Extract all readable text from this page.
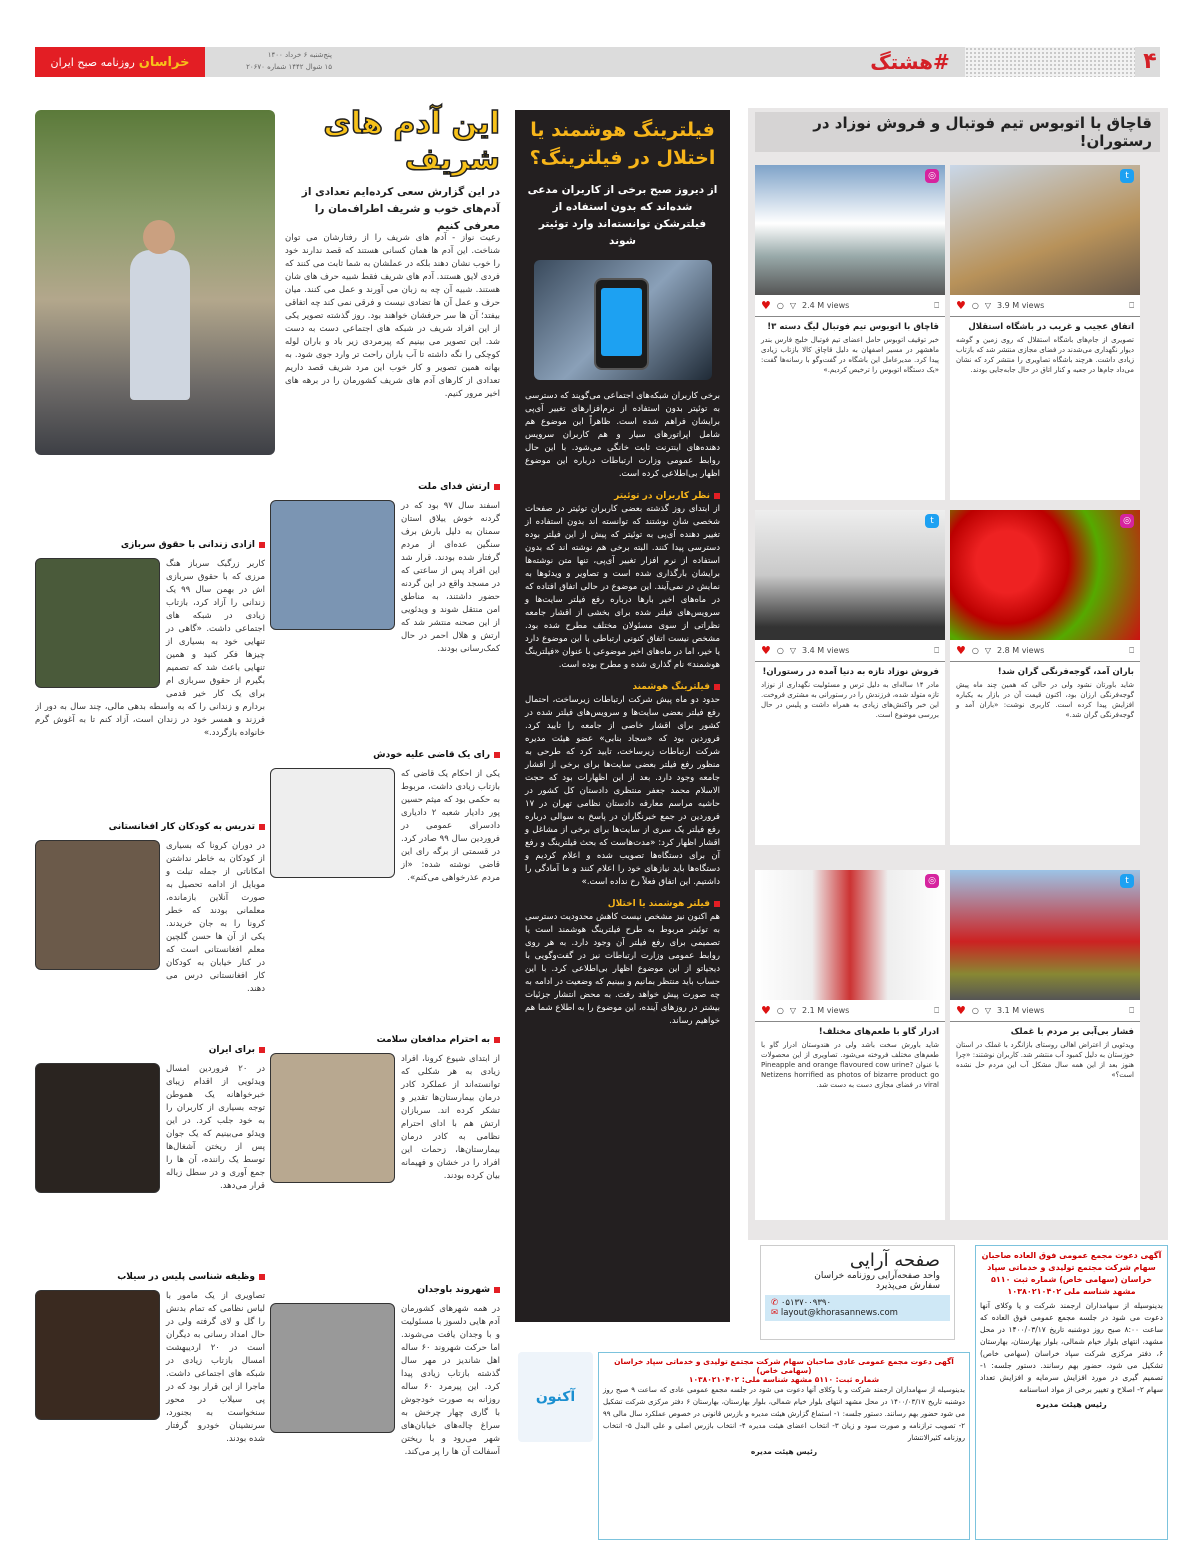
خراسان
روزنامه صبح ایران
پنج‌شنبه ۶ خرداد ۱۴۰۰
۱۵ شوال ۱۴۴۲ شماره ۲۰۶۷۰	#هشتگ	۴
قاچاق با اتوبوس تیم فوتبال و فروش نوزاد در رستوران!
t
♥ ○ ▽ 3.9 M views	⎕
اتفاق عجیب و غریب در باشگاه استقلال
تصویری از جام‌های باشگاه استقلال که روی زمین و گوشه دیوار نگهداری می‌شدند در فضای مجازی منتشر شد که بازتاب زیادی داشت. هرچند باشگاه تصاویری را منتشر کرد که نشان می‌داد جام‌ها در جعبه و کنار اتاق در حال جابه‌جایی بودند.
◎
♥ ○ ▽ 2.4 M views	⎕
قاچاق با اتوبوس تیم فوتبال لیگ دسته ۳!
خبر توقیف اتوبوس حامل اعضای تیم فوتبال خلیج فارس بندر ماهشهر در مسیر اصفهان به دلیل قاچاق کالا بازتاب زیادی پیدا کرد. مدیرعامل این باشگاه در گفت‌وگو با رسانه‌ها گفت: «یک دستگاه اتوبوس را ترخیص کردیم.»
◎
♥ ○ ▽ 2.8 M views	⎕
باران آمد، گوجه‌فرنگی گران شد!
شاید باورتان نشود ولی در حالی که همین چند ماه پیش گوجه‌فرنگی ارزان بود، اکنون قیمت آن در بازار به یکباره افزایش پیدا کرده است. کاربری نوشت: «باران آمد و گوجه‌فرنگی گران شد.»
t
♥ ○ ▽ 3.4 M views	⎕
فروش نوزاد تازه به دنیا آمده در رستوران!
مادر ۱۴ ساله‌ای به دلیل ترس و مسئولیت نگهداری از نوزاد تازه متولد شده، فرزندش را در رستورانی به مشتری فروخت. این خبر واکنش‌های زیادی به همراه داشت و پلیس در حال بررسی موضوع است.
t
♥ ○ ▽ 3.1 M views	⎕
فشار بی‌آبی بر مردم با غملک
ویدئویی از اعتراض اهالی روستای بازانگرد با غملک در استان خوزستان به دلیل کمبود آب منتشر شد. کاربران نوشتند: «چرا هنوز بعد از این همه سال مشکل آب این مردم حل نشده است؟»
◎
♥ ○ ▽ 2.1 M views	⎕
ادرار گاو با طعم‌های مختلف!
شاید باورش سخت باشد ولی در هندوستان ادرار گاو با طعم‌های مختلف فروخته می‌شود. تصاویری از این محصولات با عنوان Pineapple and orange flavoured cow urine? Netizens horrified as photos of bizarre product go viral در فضای مجازی دست به دست شد.
فیلترینگ هوشمند یا اختلال در فیلترینگ؟
از دیروز صبح برخی از کاربران مدعی شده‌اند که بدون استفاده از فیلترشکن توانسته‌اند وارد توئیتر شوند
برخی کاربران شبکه‌های اجتماعی می‌گویند که دسترسی به توئیتر بدون استفاده از نرم‌افزارهای تغییر آی‌پی برایشان فراهم شده است. ظاهراً این موضوع هم شامل اپراتورهای سیار و هم کاربران سرویس دهنده‌های اینترنت ثابت خانگی می‌شود. با این حال روابط عمومی وزارت ارتباطات درباره این موضوع اظهار بی‌اطلاعی کرده است.
نظر کاربران در توئیتر
از ابتدای روز گذشته بعضی کاربران توئیتر در صفحات شخصی شان نوشتند که توانسته اند بدون استفاده از تغییر دهنده آی‌پی به توئیتر که پیش از این فیلتر بوده دسترسی پیدا کنند. البته برخی هم نوشته اند که بدون استفاده از نرم افزار تغییر آی‌پی، تنها متن نوشته‌ها برایشان بارگذاری شده است و تصاویر و ویدئوها به نمایش در نمی‌آیند. این موضوع در حالی اتفاق افتاده که در ماه‌های اخیر بارها درباره رفع فیلتر سایت‌ها و سرویس‌های فیلتر شده برای بخشی از اقشار جامعه نظراتی از سوی مسئولان مختلف مطرح شده بود. مشخص نیست اتفاق کنونی ارتباطی با این موضوع دارد یا خیر، اما در ماه‌های اخیر موضوعی با عنوان «فیلترینگ هوشمند» نام گذاری شده و مطرح بوده است.
فیلترینگ هوشمند
حدود دو ماه پیش شرکت ارتباطات زیرساخت، احتمال رفع فیلتر بعضی سایت‌ها و سرویس‌های فیلتر شده در کشور برای اقشار خاصی از جامعه را تایید کرد. فروردین بود که «سجاد بنابی» عضو هیئت مدیره شرکت ارتباطات زیرساخت، تایید کرد که طرحی به منظور رفع فیلتر بعضی سایت‌ها برای برخی از اقشار جامعه وجود دارد. بعد از این اظهارات بود که حجت الاسلام محمد جعفر منتظری دادستان کل کشور در حاشیه مراسم معارفه دادستان نظامی تهران در ۱۷ فروردین در جمع خبرنگاران در پاسخ به سوالی درباره رفع فیلتر یک سری از سایت‌ها برای برخی از مشاغل و اقشار اظهار کرد: «مدت‌هاست که بحث فیلترینگ و رفع آن برای دستگاه‌ها تصویب شده و اعلام کردیم و دستگاه‌ها باید نیازهای خود را اعلام کنند و ما آمادگی را داشتیم. این اتفاق فعلاً رخ نداده است.»
فیلتر هوشمند یا اختلال
هم اکنون نیز مشخص نیست کاهش محدودیت دسترسی به توئیتر مربوط به طرح فیلترینگ هوشمند است یا تصمیمی برای رفع فیلتر آن وجود دارد. به هر روی روابط عمومی وزارت ارتباطات نیز در گفت‌وگویی با دیجیاتو از این موضوع اظهار بی‌اطلاعی کرد. با این حساب باید منتظر بمانیم و ببینیم که وضعیت در ادامه به چه صورت پیش خواهد رفت. به محض انتشار جزئیات بیشتر در روزهای آینده، این موضوع را به اطلاع شما هم خواهیم رساند.
این آدم های شریف
در این گزارش سعی کرده‌ایم تعدادی از آدم‌های خوب و شریف اطراف‌مان را معرفی کنیم
رعیت نواز - آدم های شریف را از رفتارشان می توان شناخت. این آدم ها همان کسانی هستند که قصد ندارند خود را خوب نشان دهند بلکه در عملشان به شما ثابت می کنند که فردی لایق هستند. آدم های شریف فقط شبیه حرف های شان هستند. شبیه آن چه به زبان می آورند و عمل می کنند. میان حرف و عمل آن ها تضادی نیست و فرقی نمی کند چه اتفاقی بیفتد؛ آن ها سر حرفشان خواهند بود. روز گذشته تصویر یکی از این افراد شریف در شبکه های اجتماعی دست به دست شد. این تصویر می بینیم که پیرمردی زیر باد و باران لوله کوچکی را نگه داشته تا آب باران راحت تر وارد جوی شود. به بهانه همین تصویر و کار خوب این مرد شریف قصد داریم تعدادی از کارهای آدم های شریف کشورمان را در برهه های اخیر مرور کنیم.
ارتش فدای ملت
اسفند سال ۹۷ بود که در گردنه خوش ییلاق استان سمنان به دلیل بارش برف سنگین عده‌ای از مردم گرفتار شده بودند. قرار شد این افراد پس از ساعتی که در مسجد واقع در این گردنه حضور داشتند، به مناطق امن منتقل شوند و ویدئویی از این صحنه منتشر شد که ارتش و هلال احمر در حال کمک‌رسانی بودند.
آزادی زندانی با حقوق سربازی
کاربر زرگبک سرباز هنگ مرزی که با حقوق سربازی اش در بهمن سال ۹۹ یک زندانی را آزاد کرد، بازتاب زیادی در شبکه های اجتماعی داشت. «گاهی در تنهایی خود به بسیاری از چیزها فکر کنید و همین تنهایی باعث شد که تصمیم بگیرم از حقوق سربازی ام برای یک کار خیر قدمی بردارم و زندانی را که به واسطه بدهی مالی، چند سال به دور از فرزند و همسر خود در زندان است، آزاد کنم تا به آغوش گرم خانواده بازگردد.»
رای یک قاضی علیه خودش
یکی از احکام یک قاضی که بازتاب زیادی داشت، مربوط به حکمی بود که میثم حسین پور دادیار شعبه ۲ دادیاری دادسرای عمومی در فروردین سال ۹۹ صادر کرد. در قسمتی از برگه رای این قاضی نوشته شده: «از مردم عذرخواهی می‌کنم».
تدریس به کودکان کار افغانستانی
در دوران کرونا که بسیاری از کودکان به خاطر نداشتن امکاناتی از جمله تبلت و موبایل از ادامه تحصیل به صورت آنلاین بازمانده، معلمانی بودند که خطر کرونا را به جان خریدند. یکی از آن ها حسن گلچین معلم افغانستانی است که در کنار خیابان به کودکان کار افغانستانی درس می دهند.
به احترام مدافعان سلامت
از ابتدای شیوع کرونا، افراد زیادی به هر شکلی که توانسته‌اند از عملکرد کادر درمان بیمارستان‌ها تقدیر و تشکر کرده اند. سربازان ارتش هم با ادای احترام نظامی به کادر درمان بیمارستان‌ها، زحمات این افراد را در خشان و فهیمانه بیان کرده بودند.
برای ایران
در ۲۰ فروردین امسال ویدئویی از اقدام زیبای خبرخواهانه یک هموطن توجه بسیاری از کاربران را به خود جلب کرد. در این ویدئو می‌بینیم که یک جوان پس از ریختن آشغال‌ها توسط یک راننده، آن ها را جمع آوری و در سطل زباله قرار می‌دهد.
وظیفه شناسی پلیس در سیلاب
تصاویری از یک مامور با لباس نظامی که تمام بدنش را گل و لای گرفته ولی در حال امداد رسانی به دیگران است در ۲۰ اردیبهشت امسال بازتاب زیادی در شبکه های اجتماعی داشت. ماجرا از این قرار بود که در پی سیلاب در محور سنخواست به بجنورد، سرنشینان خودرو گرفتار شده بودند.
شهروند باوجدان
در همه شهرهای کشورمان آدم هایی دلسوز با مسئولیت و با وجدان یافت می‌شوند. اما حرکت شهروند ۶۰ ساله اهل شاندیز در مهر سال گذشته بازتاب زیادی پیدا کرد. این پیرمرد ۶۰ ساله روزانه به صورت خودجوش با گاری چهار چرخش به سراغ چاله‌های خیابان‌های شهر می‌رود و با ریختن آسفالت آن ها را پر می‌کند.
صفحه آرایی
واحد صفحه‌آرایی روزنامه خراسان
سفارش می‌پذیرد
✆ ۰۵۱۳۷۰۰۹۳۹۰
✉ layout@khorasannews.com
آگهی دعوت مجمع عمومی فوق العاده صاحبان سهام شرکت مجتمع تولیدی و خدماتی سپاد خراسان (سهامی خاص) شماره ثبت ۵۱۱۰ مشهد شناسه ملی ۱۰۳۸۰۲۱۰۴۰۲
بدینوسیله از سهامداران ارجمند شرکت و یا وکلای آنها دعوت می شود در جلسه مجمع عمومی فوق العاده که ساعت ۸:۰۰ صبح روز دوشنبه تاریخ ۱۴۰۰/۰۳/۱۷ در محل مشهد، انتهای بلوار خیام شمالی، بلوار بهارستان، بهارستان ۶، دفتر مرکزی شرکت سپاد خراسان (سهامی خاص) تشکیل می شود، حضور بهم رسانند. دستور جلسه: ۱- تصمیم گیری در مورد افزایش سرمایه و افزایش تعداد سهام ۲- اصلاح و تغییر برخی از مواد اساسنامه
رئیس هیئت مدیره
آگهی دعوت مجمع عمومی عادی صاحبان سهام شرکت مجتمع تولیدی و خدماتی سپاد خراسان (سهامی خاص)
شماره ثبت: ۵۱۱۰ مشهد شناسه ملی: ۱۰۳۸۰۲۱۰۴۰۲
بدینوسیله از سهامداران ارجمند شرکت و یا وکلای آنها دعوت می شود در جلسه مجمع عمومی عادی که ساعت ۹ صبح روز دوشنبه تاریخ ۱۴۰۰/۰۳/۱۷ در محل مشهد انتهای بلوار خیام شمالی، بلوار بهارستان، بهارستان ۶ دفتر مرکزی شرکت تشکیل می شود حضور بهم رسانند. دستور جلسه: ۱- استماع گزارش هیئت مدیره و بازرس قانونی در خصوص عملکرد سال مالی ۹۹ ۲- تصویب ترازنامه و صورت سود و زیان ۳- انتخاب اعضای هیئت مدیره ۴- انتخاب بازرس اصلی و علی البدل ۵- انتخاب روزنامه کثیرالانتشار
رئیس هیئت مدیره
آکنون
